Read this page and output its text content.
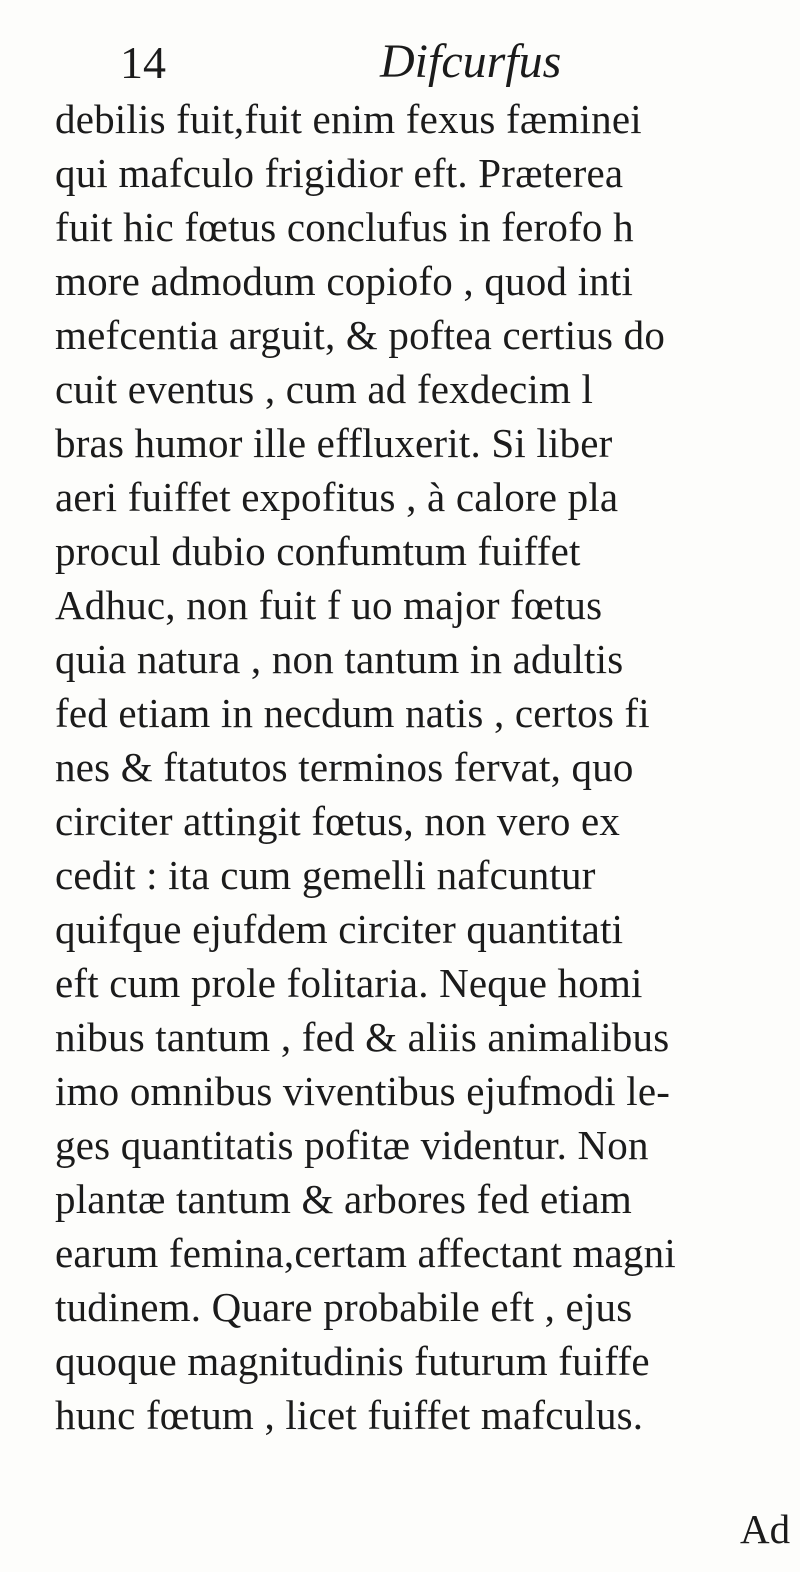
14	Difcurfus
debilis fuit,fuit enim fexus fæminei
qui mafculo frigidior eft. Præterea
fuit hic fœtus conclufus in ferofo h
more admodum copiofo , quod inti
mefcentia arguit, & poftea certius do
cuit eventus , cum ad fexdecim l
bras humor ille effluxerit. Si liber
aeri fuiffet expofitus , à calore pla
procul dubio confumtum fuiffet
Adhuc, non fuit f uo major fœtus
quia natura , non tantum in adultis
fed etiam in necdum natis , certos fi
nes & ftatutos terminos fervat, quo
circiter attingit fœtus, non vero ex
cedit : ita cum gemelli nafcuntur
quifque ejufdem circiter quantitati
eft cum prole folitaria. Neque homi
nibus tantum , fed & aliis animalibus
imo omnibus viventibus ejufmodi le-
ges quantitatis pofitæ videntur. Non
plantæ tantum & arbores fed etiam
earum femina,certam affectant magni
tudinem. Quare probabile eft , ejus
quoque magnitudinis futurum fuiffe
hunc fœtum , licet fuiffet mafculus.
Ad
